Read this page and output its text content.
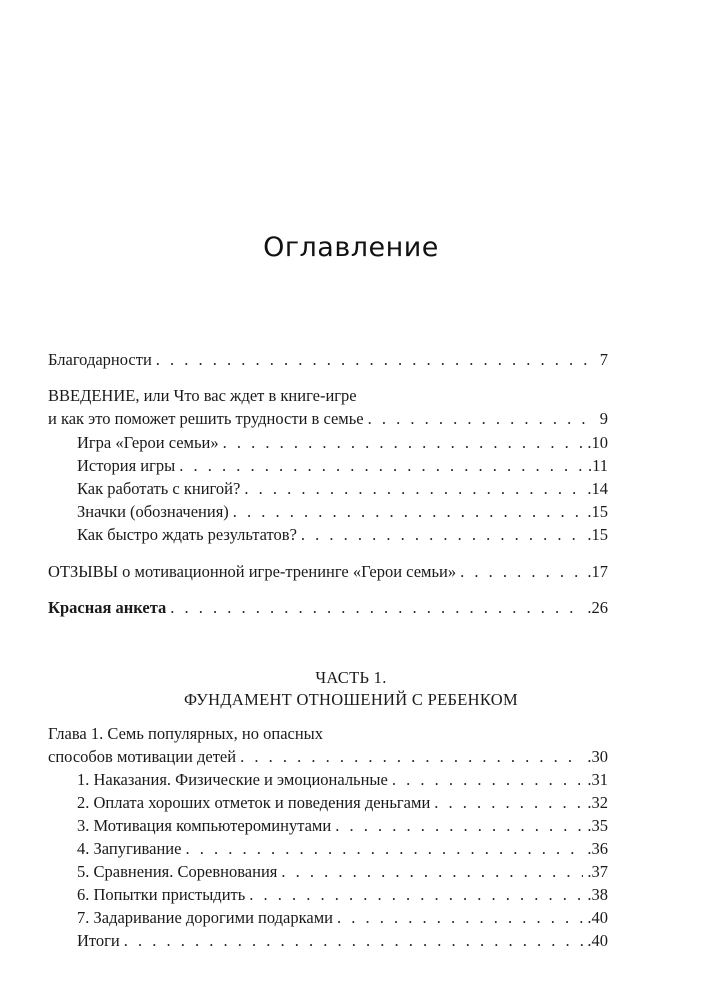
Оглавление
Благодарности . . .	7
ВВЕДЕНИЕ, или Что вас ждет в книге-игре
и как это поможет решить трудности в семье . . .	9
Игра «Герои семьи» . . .	.10
История игры . . .	.11
Как работать с книгой? . . .	.14
Значки (обозначения) . . .	.15
Как быстро ждать результатов? . . .	.15
ОТЗЫВЫ о мотивационной игре-тренинге «Герои семьи» . . .	.17
Красная анкета . . .	.26
ЧАСТЬ 1.
ФУНДАМЕНТ ОТНОШЕНИЙ С РЕБЕНКОМ
Глава 1. Семь популярных, но опасных
способов мотивации детей . . .	.30
1. Наказания. Физические и эмоциональные . . .	.31
2. Оплата хороших отметок и поведения деньгами . . .	.32
3. Мотивация компьютероминутами . . .	.35
4. Запугивание . . .	.36
5. Сравнения. Соревнования . . .	.37
6. Попытки пристыдить . . .	.38
7. Задаривание дорогими подарками . . .	.40
Итоги . . .	.40
